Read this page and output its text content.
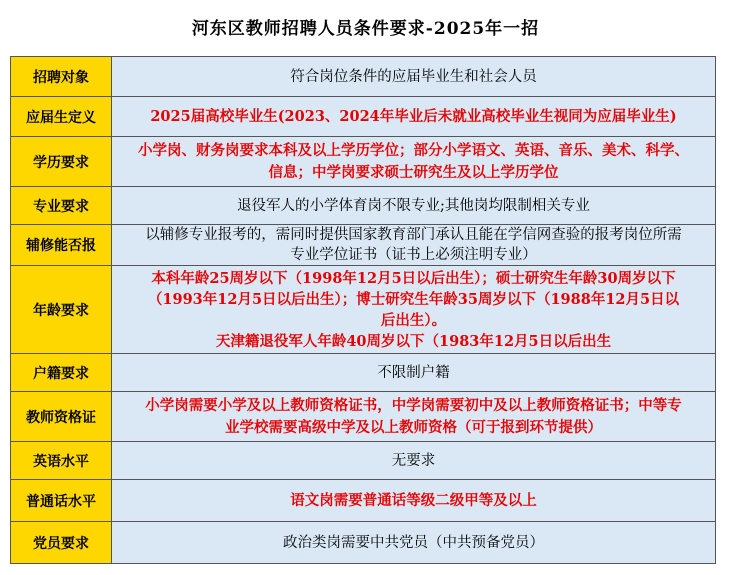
河东区教师招聘人员条件要求-2025年一招
招聘对象	符合岗位条件的应届毕业生和社会人员

应届生定义	2025届高校毕业生(2023、2024年毕业后未就业高校毕业生视同为应届毕业生)

学历要求	小学岗、财务岗要求本科及以上学历学位；部分小学语文、英语、音乐、美术、科学、
信息；中学岗要求硕士研究生及以上学历学位

专业要求	退役军人的小学体育岗不限专业;其他岗均限制相关专业

辅修能否报	以辅修专业报考的，需同时提供国家教育部门承认且能在学信网查验的报考岗位所需
专业学位证书（证书上必须注明专业）

年龄要求	本科年龄25周岁以下（1998年12月5日以后出生）；硕士研究生年龄30周岁以下
（1993年12月5日以后出生）；博士研究生年龄35周岁以下（1988年12月5日以
后出生）。
天津籍退役军人年龄40周岁以下（1983年12月5日以后出生

户籍要求	不限制户籍

教师资格证	小学岗需要小学及以上教师资格证书，中学岗需要初中及以上教师资格证书；中等专
业学校需要高级中学及以上教师资格（可于报到环节提供）

英语水平	无要求

普通话水平	语文岗需要普通话等级二级甲等及以上

党员要求	政治类岗需要中共党员（中共预备党员）
